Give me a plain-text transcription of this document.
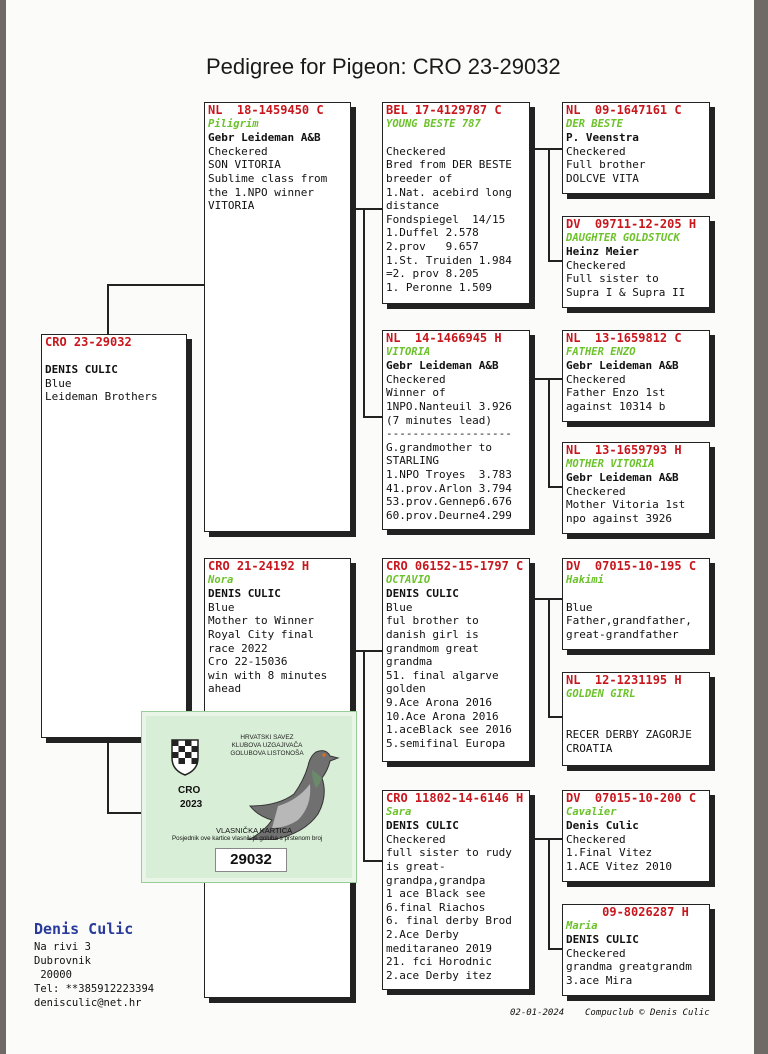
Pedigree for Pigeon: CRO 23-29032
CRO 23-29032

DENIS CULIC
Blue
Leideman Brothers
NL  18-1459450 C
Piligrim
Gebr Leideman A&B
Checkered
SON VITORIA
Sublime class from
the 1.NPO winner
VITORIA
CRO 21-24192 H
Nora
DENIS CULIC
Blue
Mother to Winner
Royal City final
race 2022
Cro 22-15036
win with 8 minutes
ahead
BEL 17-4129787 C
YOUNG BESTE 787

Checkered
Bred from DER BESTE
breeder of
1.Nat. acebird long
distance
Fondspiegel  14/15
1.Duffel 2.578
2.prov   9.657
1.St. Truiden 1.984
=2. prov 8.205
1. Peronne 1.509
NL  14-1466945 H
VITORIA
Gebr Leideman A&B
Checkered
Winner of
1NPO.Nanteuil 3.926
(7 minutes lead)
-------------------
G.grandmother to
STARLING
1.NPO Troyes  3.783
41.prov.Arlon 3.794
53.prov.Gennep6.676
60.prov.Deurne4.299
CRO 06152-15-1797 C
OCTAVIO
DENIS CULIC
Blue
ful brother to
danish girl is
grandmom great
grandma
51. final algarve
golden
9.Ace Arona 2016
10.Ace Arona 2016
1.aceBlack see 2016
5.semifinal Europa
CRO 11802-14-6146 H
Sara
DENIS CULIC
Checkered
full sister to rudy
is great-
grandpa,grandpa
1 ace Black see
6.final Riachos
6. final derby Brod
2.Ace Derby
meditaraneo 2019
21. fci Horodnic
2.ace Derby itez
NL  09-1647161 C
DER BESTE
P. Veenstra
Checkered
Full brother
DOLCVE VITA
DV  09711-12-205 H
DAUGHTER GOLDSTUCK
Heinz Meier
Checkered
Full sister to
Supra I & Supra II
NL  13-1659812 C
FATHER ENZO
Gebr Leideman A&B
Checkered
Father Enzo 1st
against 10314 b
NL  13-1659793 H
MOTHER VITORIA
Gebr Leideman A&B
Checkered
Mother Vitoria 1st
npo against 3926
DV  07015-10-195 C
Hakimi

Blue
Father,grandfather,
great-grandfather
NL  12-1231195 H
GOLDEN GIRL

RECER DERBY ZAGORJE
CROATIA
DV  07015-10-200 C
Cavalier
Denis Culic
Checkered
1.Final Vitez
1.ACE Vitez 2010
09-8026287 H
Maria
DENIS CULIC
Checkered
grandma greatgrandm
3.ace Mira
HRVATSKI SAVEZ
KLUBOVA UZGAJIVAČA
GOLUBOVA LISTONOŠA
CRO
2023
VLASNIČKA KARTICA
Posjednik ove kartice vlasnik je goluba s prstenom broj
29032
Denis Culic
Na rivi 3
Dubrovnik
20000
Tel: **385912223394
denisculic@net.hr
02-01-2024 Compuclub © Denis Culic
